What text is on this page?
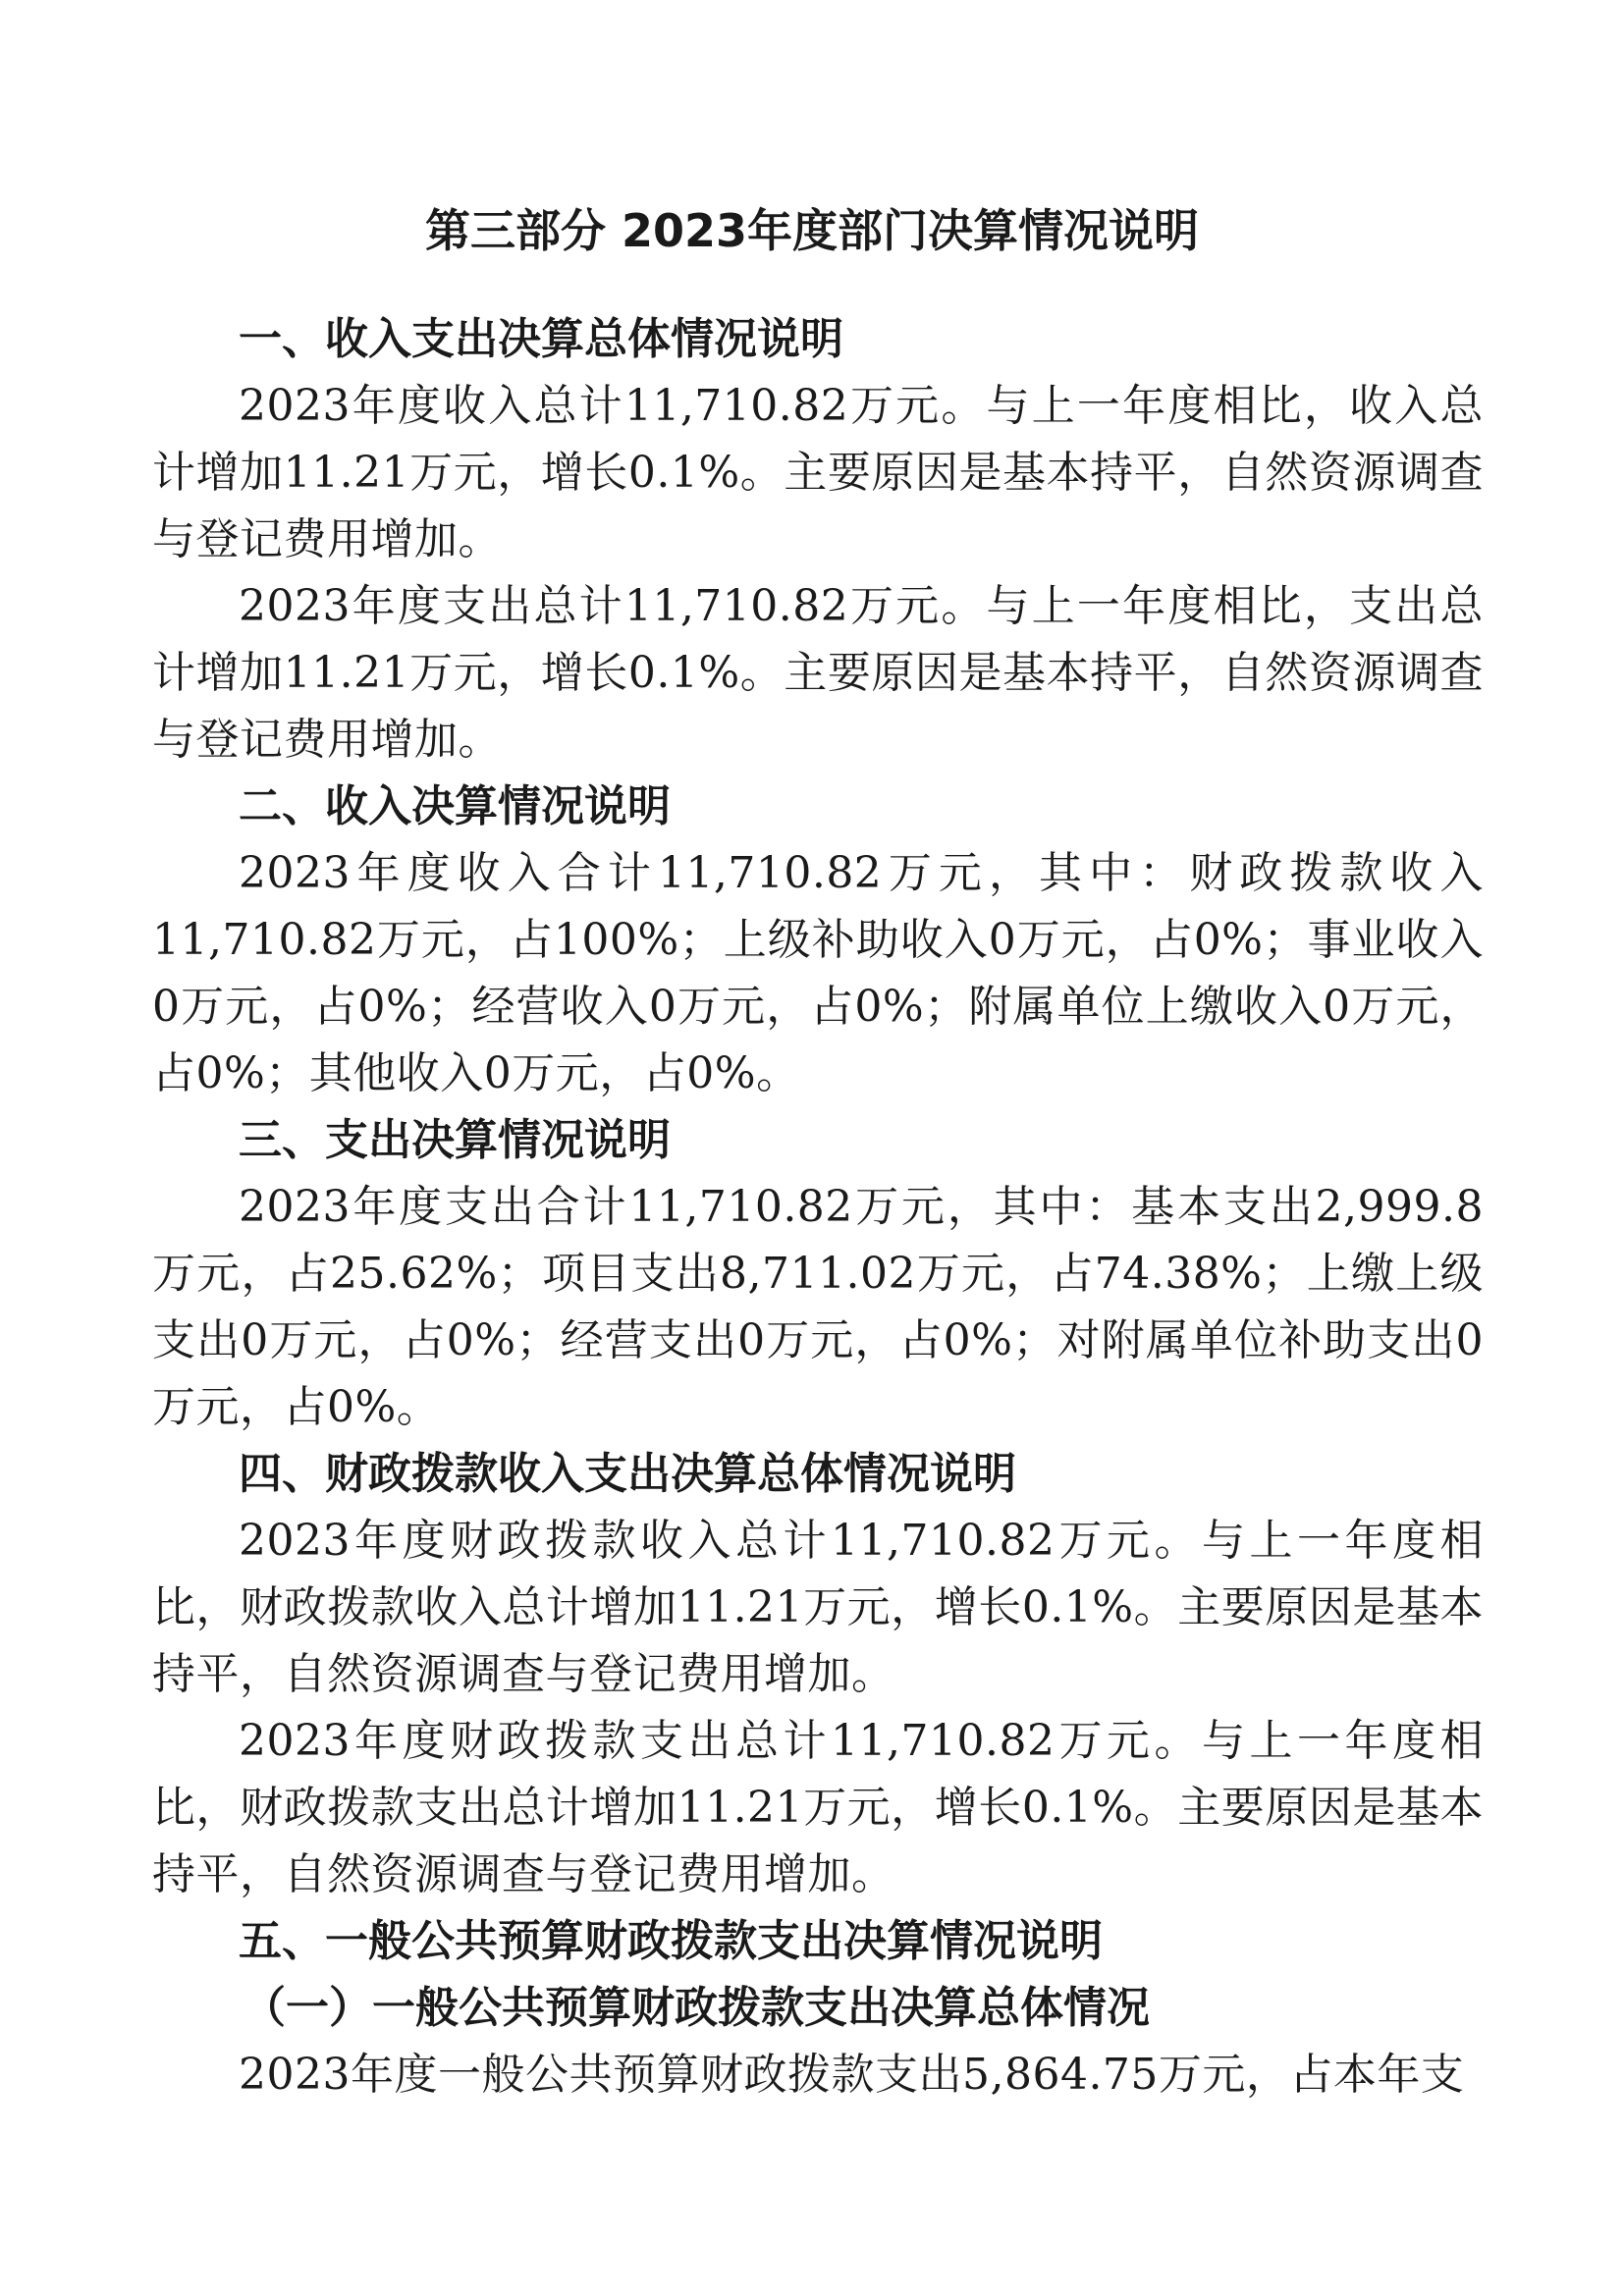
第三部分 2023年度部门决算情况说明

一、收入支出决算总体情况说明

2023年度收入总计11,710.82万元。与上一年度相比，收入总计增加11.21万元，增长0.1%。主要原因是基本持平，自然资源调查与登记费用增加。

2023年度支出总计11,710.82万元。与上一年度相比，支出总计增加11.21万元，增长0.1%。主要原因是基本持平，自然资源调查与登记费用增加。

二、收入决算情况说明

2023年度收入合计11,710.82万元，其中：财政拨款收入11,710.82万元，占100%；上级补助收入0万元，占0%；事业收入0万元，占0%；经营收入0万元，占0%；附属单位上缴收入0万元，占0%；其他收入0万元，占0%。

三、支出决算情况说明

2023年度支出合计11,710.82万元，其中：基本支出2,999.8万元，占25.62%；项目支出8,711.02万元，占74.38%；上缴上级支出0万元，占0%；经营支出0万元，占0%；对附属单位补助支出0万元，占0%。

四、财政拨款收入支出决算总体情况说明

2023年度财政拨款收入总计11,710.82万元。与上一年度相比，财政拨款收入总计增加11.21万元，增长0.1%。主要原因是基本持平，自然资源调查与登记费用增加。

2023年度财政拨款支出总计11,710.82万元。与上一年度相比，财政拨款支出总计增加11.21万元，增长0.1%。主要原因是基本持平，自然资源调查与登记费用增加。

五、一般公共预算财政拨款支出决算情况说明

（一）一般公共预算财政拨款支出决算总体情况

2023年度一般公共预算财政拨款支出5,864.75万元，占本年支
